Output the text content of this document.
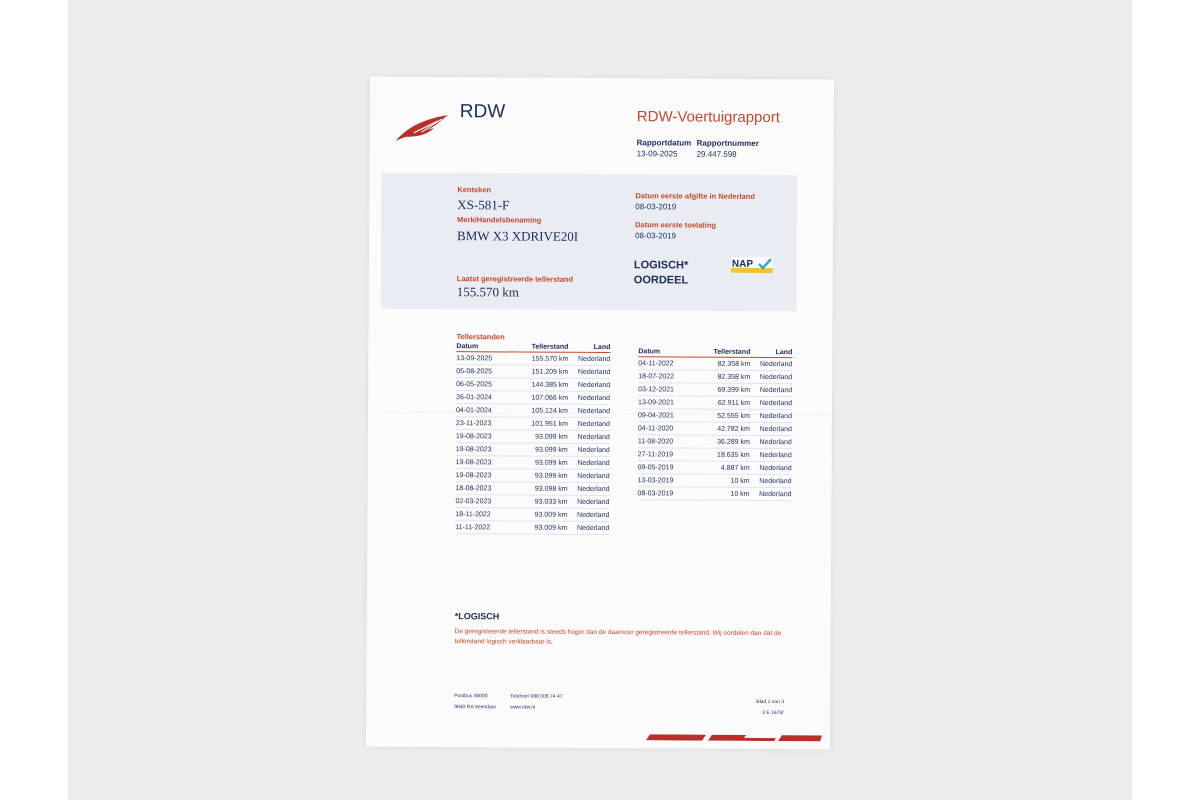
RDW	RDW-Voertuigrapport
Rapportdatum
13-09-2025
Rapportnummer
29.447.598
Kenteken
XS-581-F
Merk/Handelsbenaming
BMW X3 XDRIVE20I
Laatst geregistreerde tellerstand
155.570 km
Datum eerste afgifte in Nederland
08-03-2019
Datum eerste toelating
08-03-2019
LOGISCH*
OORDEEL
NAP
Tellerstanden
Datum	Tellerstand	Land
13-09-2025	155.570 km	Nederland
05-08-2025	151.209 km	Nederland
06-05-2025	144.385 km	Nederland
26-01-2024	107.066 km	Nederland
04-01-2024	105.124 km	Nederland
23-11-2023	101.951 km	Nederland
19-08-2023	93.099 km	Nederland
19-08-2023	93.099 km	Nederland
19-08-2023	93.099 km	Nederland
19-08-2023	93.099 km	Nederland
18-08-2023	93.098 km	Nederland
02-03-2023	93.033 km	Nederland
18-11-2022	93.009 km	Nederland
11-11-2022	93.009 km	Nederland
Datum	Tellerstand	Land
04-11-2022	82.358 km	Nederland
18-07-2022	82.358 km	Nederland
03-12-2021	69.399 km	Nederland
13-09-2021	62.911 km	Nederland
09-04-2021	52.555 km	Nederland
04-11-2020	42.782 km	Nederland
11-08-2020	36.289 km	Nederland
27-11-2019	18.635 km	Nederland
09-05-2019	4.887 km	Nederland
13-03-2019	10 km	Nederland
08-03-2019	10 km	Nederland
*LOGISCH
De geregistreerde tellerstand is steeds hoger dan de daarvoor geregistreerde tellerstand. Wij oordelen dan dat de tellerstand logisch verklaarbaar is.
Postbus 30000
9640 RA Veendam
Telefoon 088 008 74 47
www.rdw.nl
Blad 1 van 3
3 E 1675f
